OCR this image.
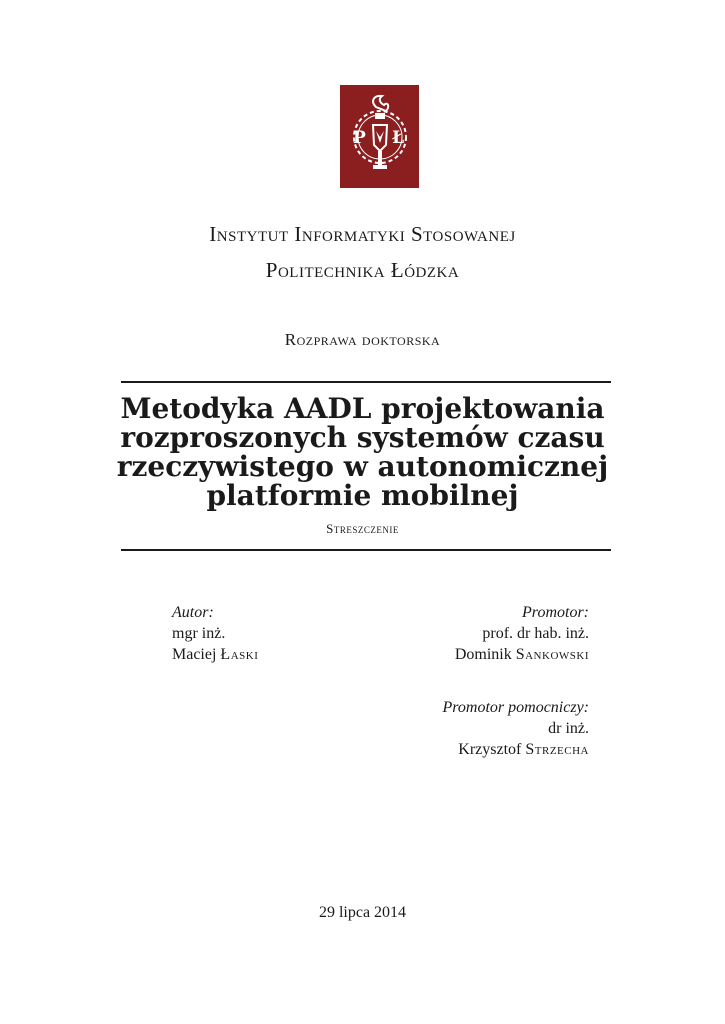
P Ł
Instytut Informatyki Stosowanej
Politechnika Łódzka
Rozprawa doktorska
Metodyka AADL projektowania
rozproszonych systemów czasu
rzeczywistego w autonomicznej
platformie mobilnej
Streszczenie
Autor:
mgr inż.
Maciej Łaski
Promotor:
prof. dr hab. inż.
Dominik Sankowski
Promotor pomocniczy:
dr inż.
Krzysztof Strzecha
29 lipca 2014
